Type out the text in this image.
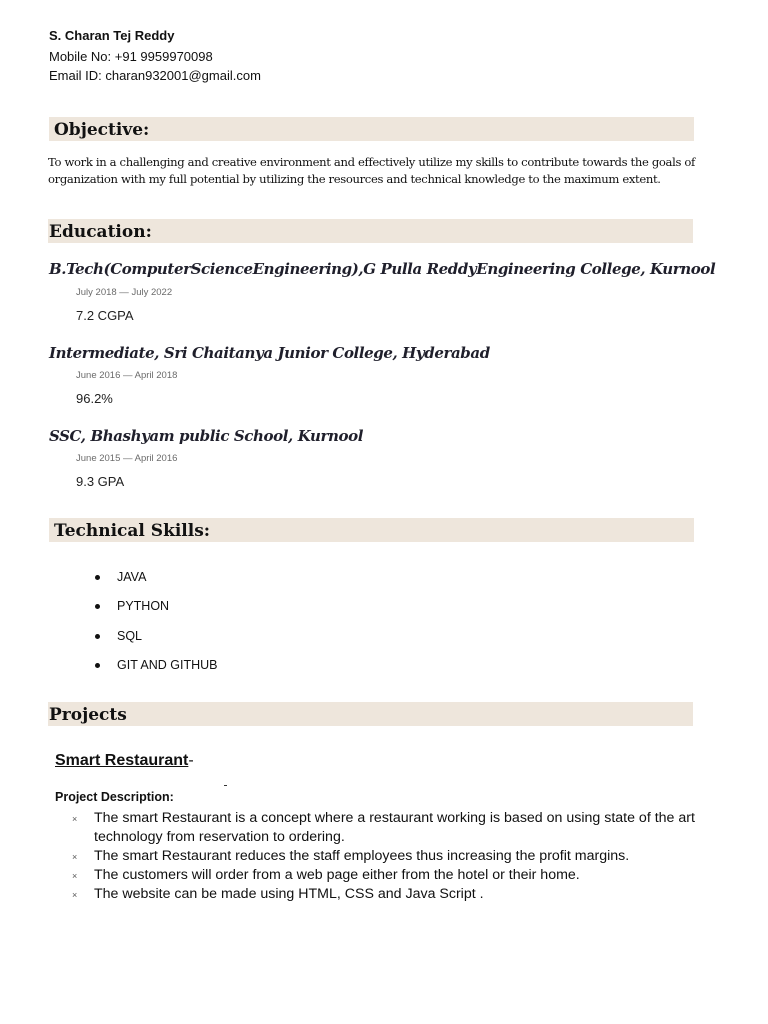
S. Charan Tej Reddy
Mobile No: +91 9959970098
Email ID: charan932001@gmail.com
Objective:
To work in a challenging and creative environment and effectively utilize my skills to contribute towards the goals of organization with my full potential by utilizing the resources and technical knowledge to the maximum extent.
Education:
B.Tech(ComputerScienceEngineering),G Pulla ReddyEngineering College, Kurnool
July 2018 — July 2022
7.2 CGPA
Intermediate, Sri Chaitanya Junior College, Hyderabad
June 2016 — April 2018
96.2%
SSC, Bhashyam public School, Kurnool
June 2015 — April 2016
9.3 GPA
Technical Skills:
JAVA
PYTHON
SQL
GIT AND GITHUB
Projects
Smart Restaurant-
Project Description:
× The smart Restaurant is a concept where a restaurant working is based on using state of the art technology from reservation to ordering.
× The smart Restaurant reduces the staff employees thus increasing the profit margins.
× The customers will order from a web page either from the hotel or their home.
× The website can be made using HTML, CSS and Java Script .
